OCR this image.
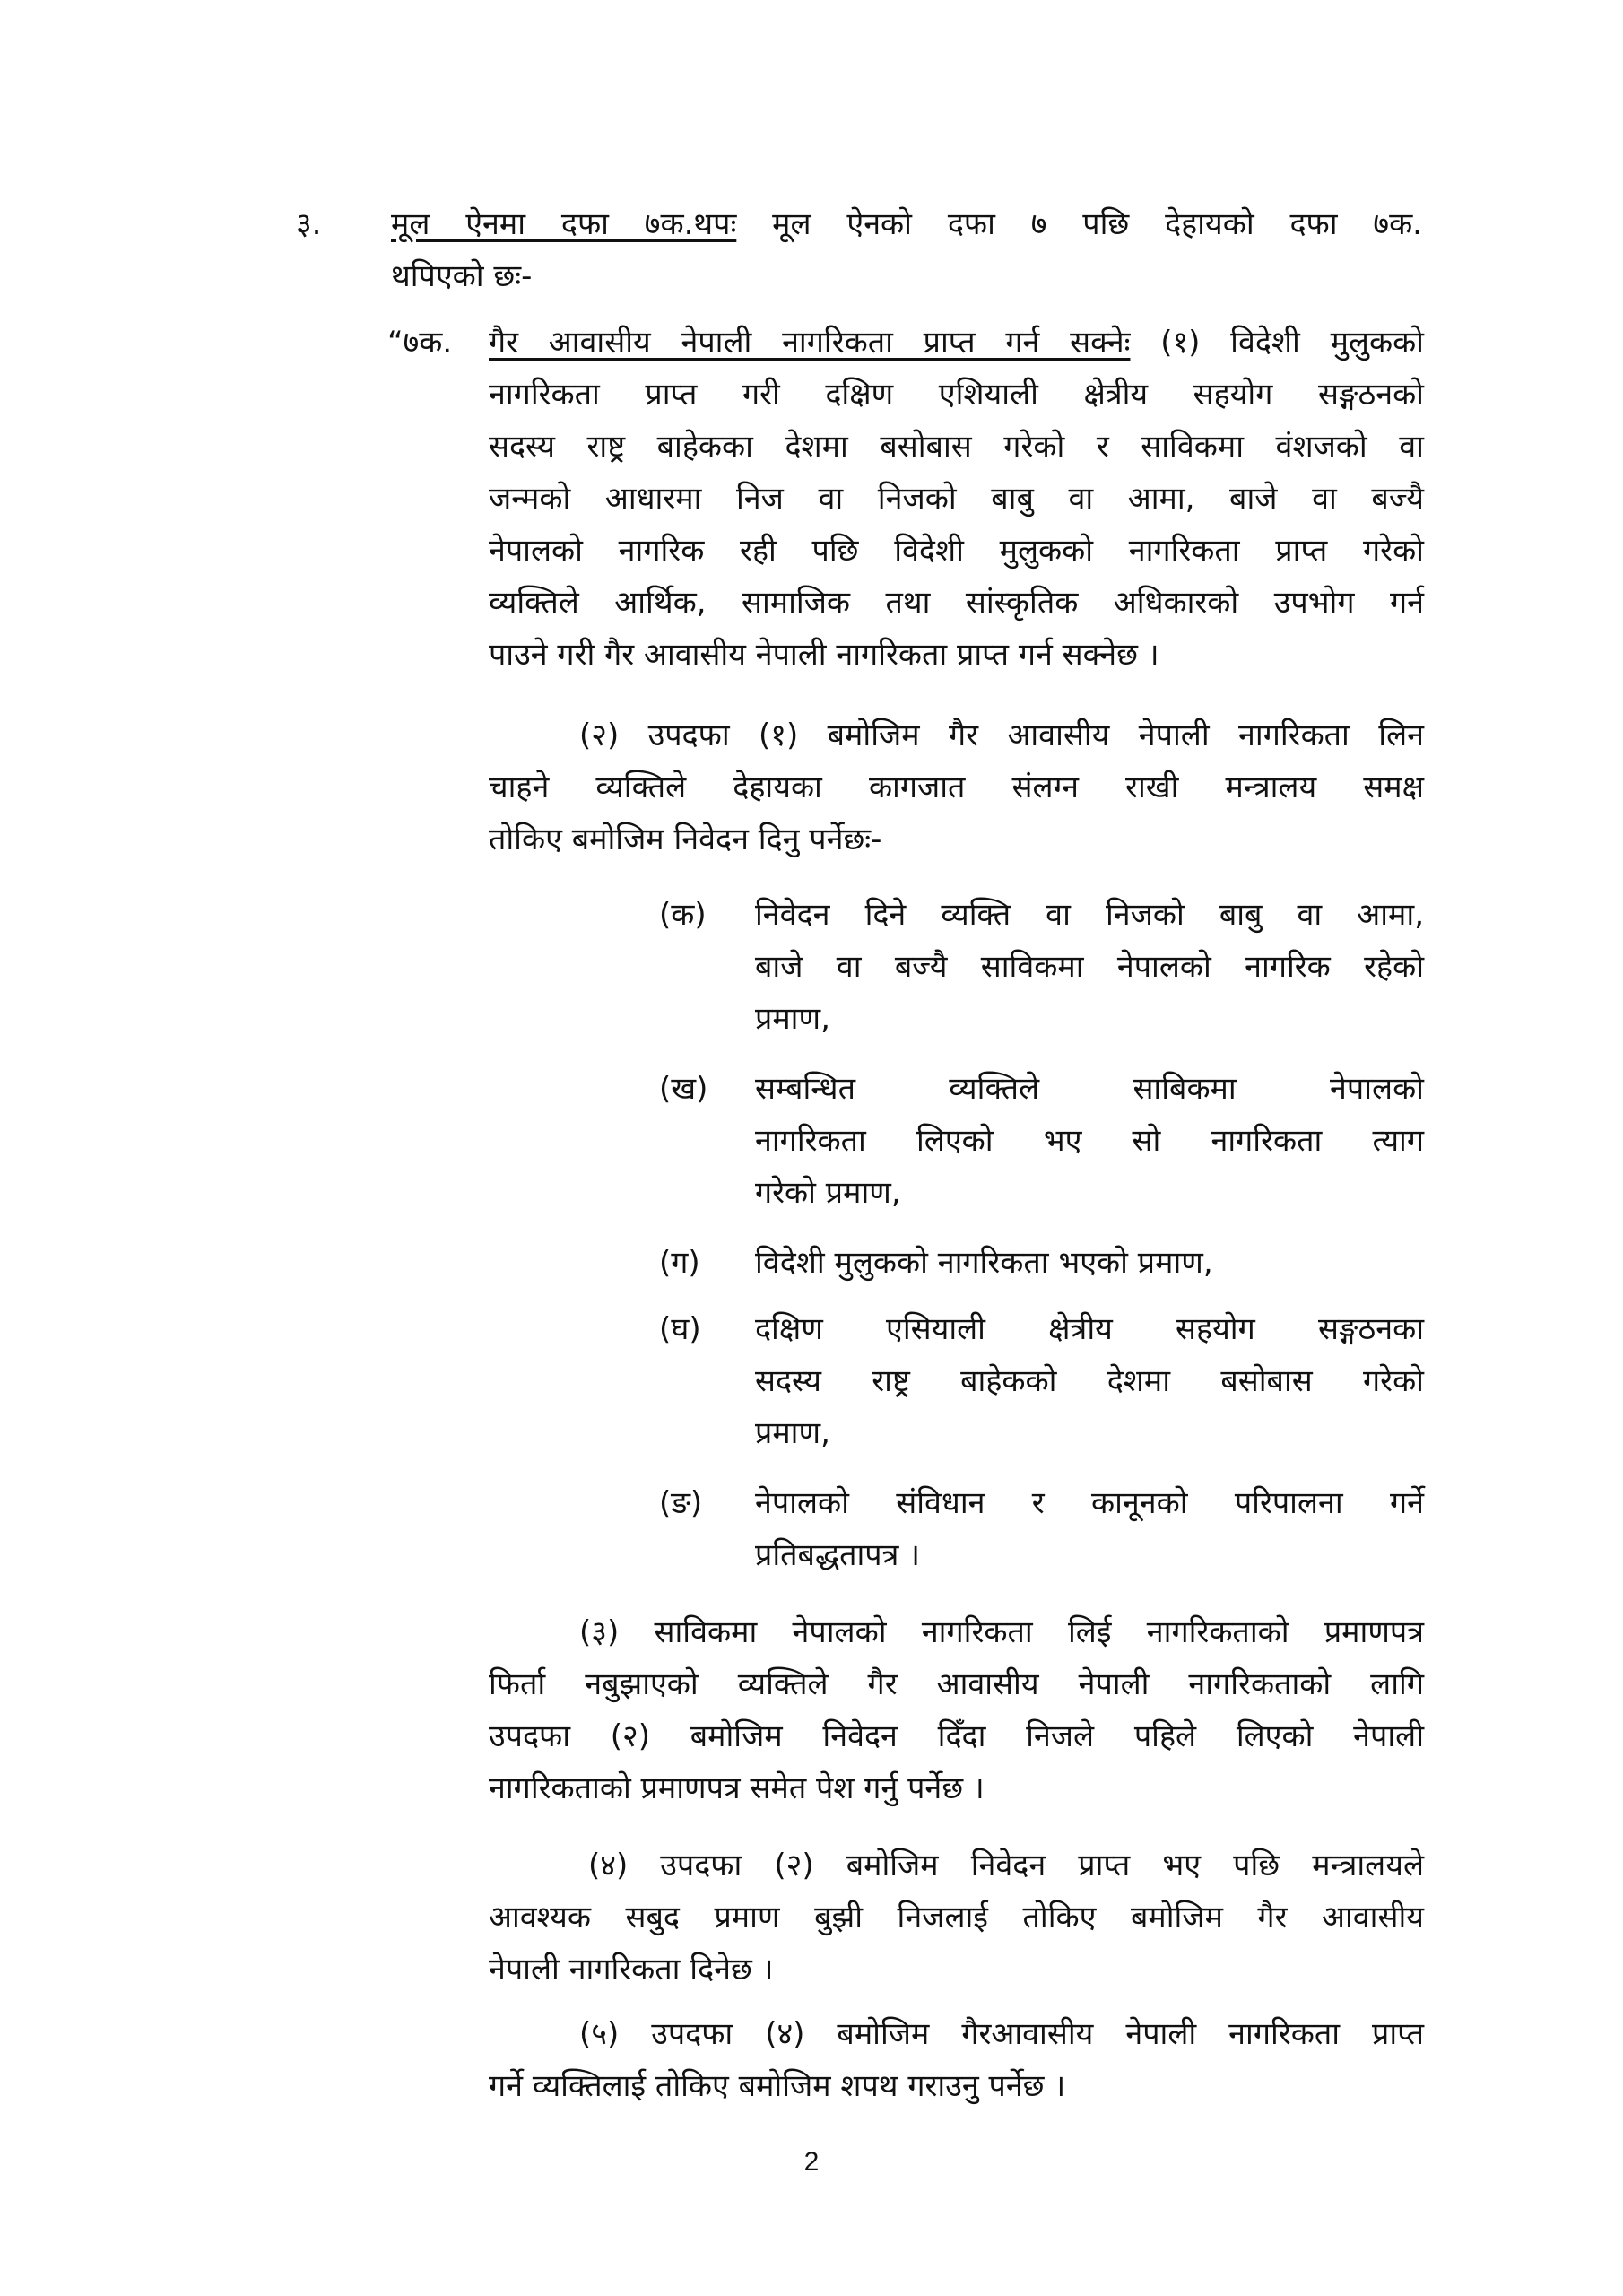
३. मूल ऐनमा दफा ७क.थपः मूल ऐनको दफा ७ पछि देहायको दफा ७क.
थपिएको छः-
“७क. गैर आवासीय नेपाली नागरिकता प्राप्त गर्न सक्नेः (१) विदेशी मुलुकको
नागरिकता प्राप्त गरी दक्षिण एशियाली क्षेत्रीय सहयोग सङ्गठनको
सदस्य राष्ट्र बाहेकका देशमा बसोबास गरेको र साविकमा वंशजको वा
जन्मको आधारमा निज वा निजको बाबु वा आमा, बाजे वा बज्यै
नेपालको नागरिक रही पछि विदेशी मुलुकको नागरिकता प्राप्त गरेको
व्यक्तिले आर्थिक, सामाजिक तथा सांस्कृतिक अधिकारको उपभोग गर्न
पाउने गरी गैर आवासीय नेपाली नागरिकता प्राप्त गर्न सक्नेछ ।
(२) उपदफा (१) बमोजिम गैर आवासीय नेपाली नागरिकता लिन
चाहने व्यक्तिले देहायका कागजात संलग्न राखी मन्त्रालय समक्ष
तोकिए बमोजिम निवेदन दिनु पर्नेछः-
(क) निवेदन दिने व्यक्ति वा निजको बाबु वा आमा,
बाजे वा बज्यै साविकमा नेपालको नागरिक रहेको
प्रमाण,
(ख) सम्बन्धित व्यक्तिले साबिकमा नेपालको
नागरिकता लिएको भए सो नागरिकता त्याग
गरेको प्रमाण,
(ग) विदेशी मुलुकको नागरिकता भएको प्रमाण,
(घ) दक्षिण एसियाली क्षेत्रीय सहयोग सङ्गठनका
सदस्य राष्ट्र बाहेकको देशमा बसोबास गरेको
प्रमाण,
(ङ) नेपालको संविधान र कानूनको परिपालना गर्ने
प्रतिबद्धतापत्र ।
(३) साविकमा नेपालको नागरिकता लिई नागरिकताको प्रमाणपत्र
फिर्ता नबुझाएको व्यक्तिले गैर आवासीय नेपाली नागरिकताको लागि
उपदफा (२) बमोजिम निवेदन दिँदा निजले पहिले लिएको नेपाली
नागरिकताको प्रमाणपत्र समेत पेश गर्नु पर्नेछ ।
(४) उपदफा (२) बमोजिम निवेदन प्राप्त भए पछि मन्त्रालयले
आवश्यक सबुद प्रमाण बुझी निजलाई तोकिए बमोजिम गैर आवासीय
नेपाली नागरिकता दिनेछ ।
(५) उपदफा (४) बमोजिम गैरआवासीय नेपाली नागरिकता प्राप्त
गर्ने व्यक्तिलाई तोकिए बमोजिम शपथ गराउनु पर्नेछ ।
2
